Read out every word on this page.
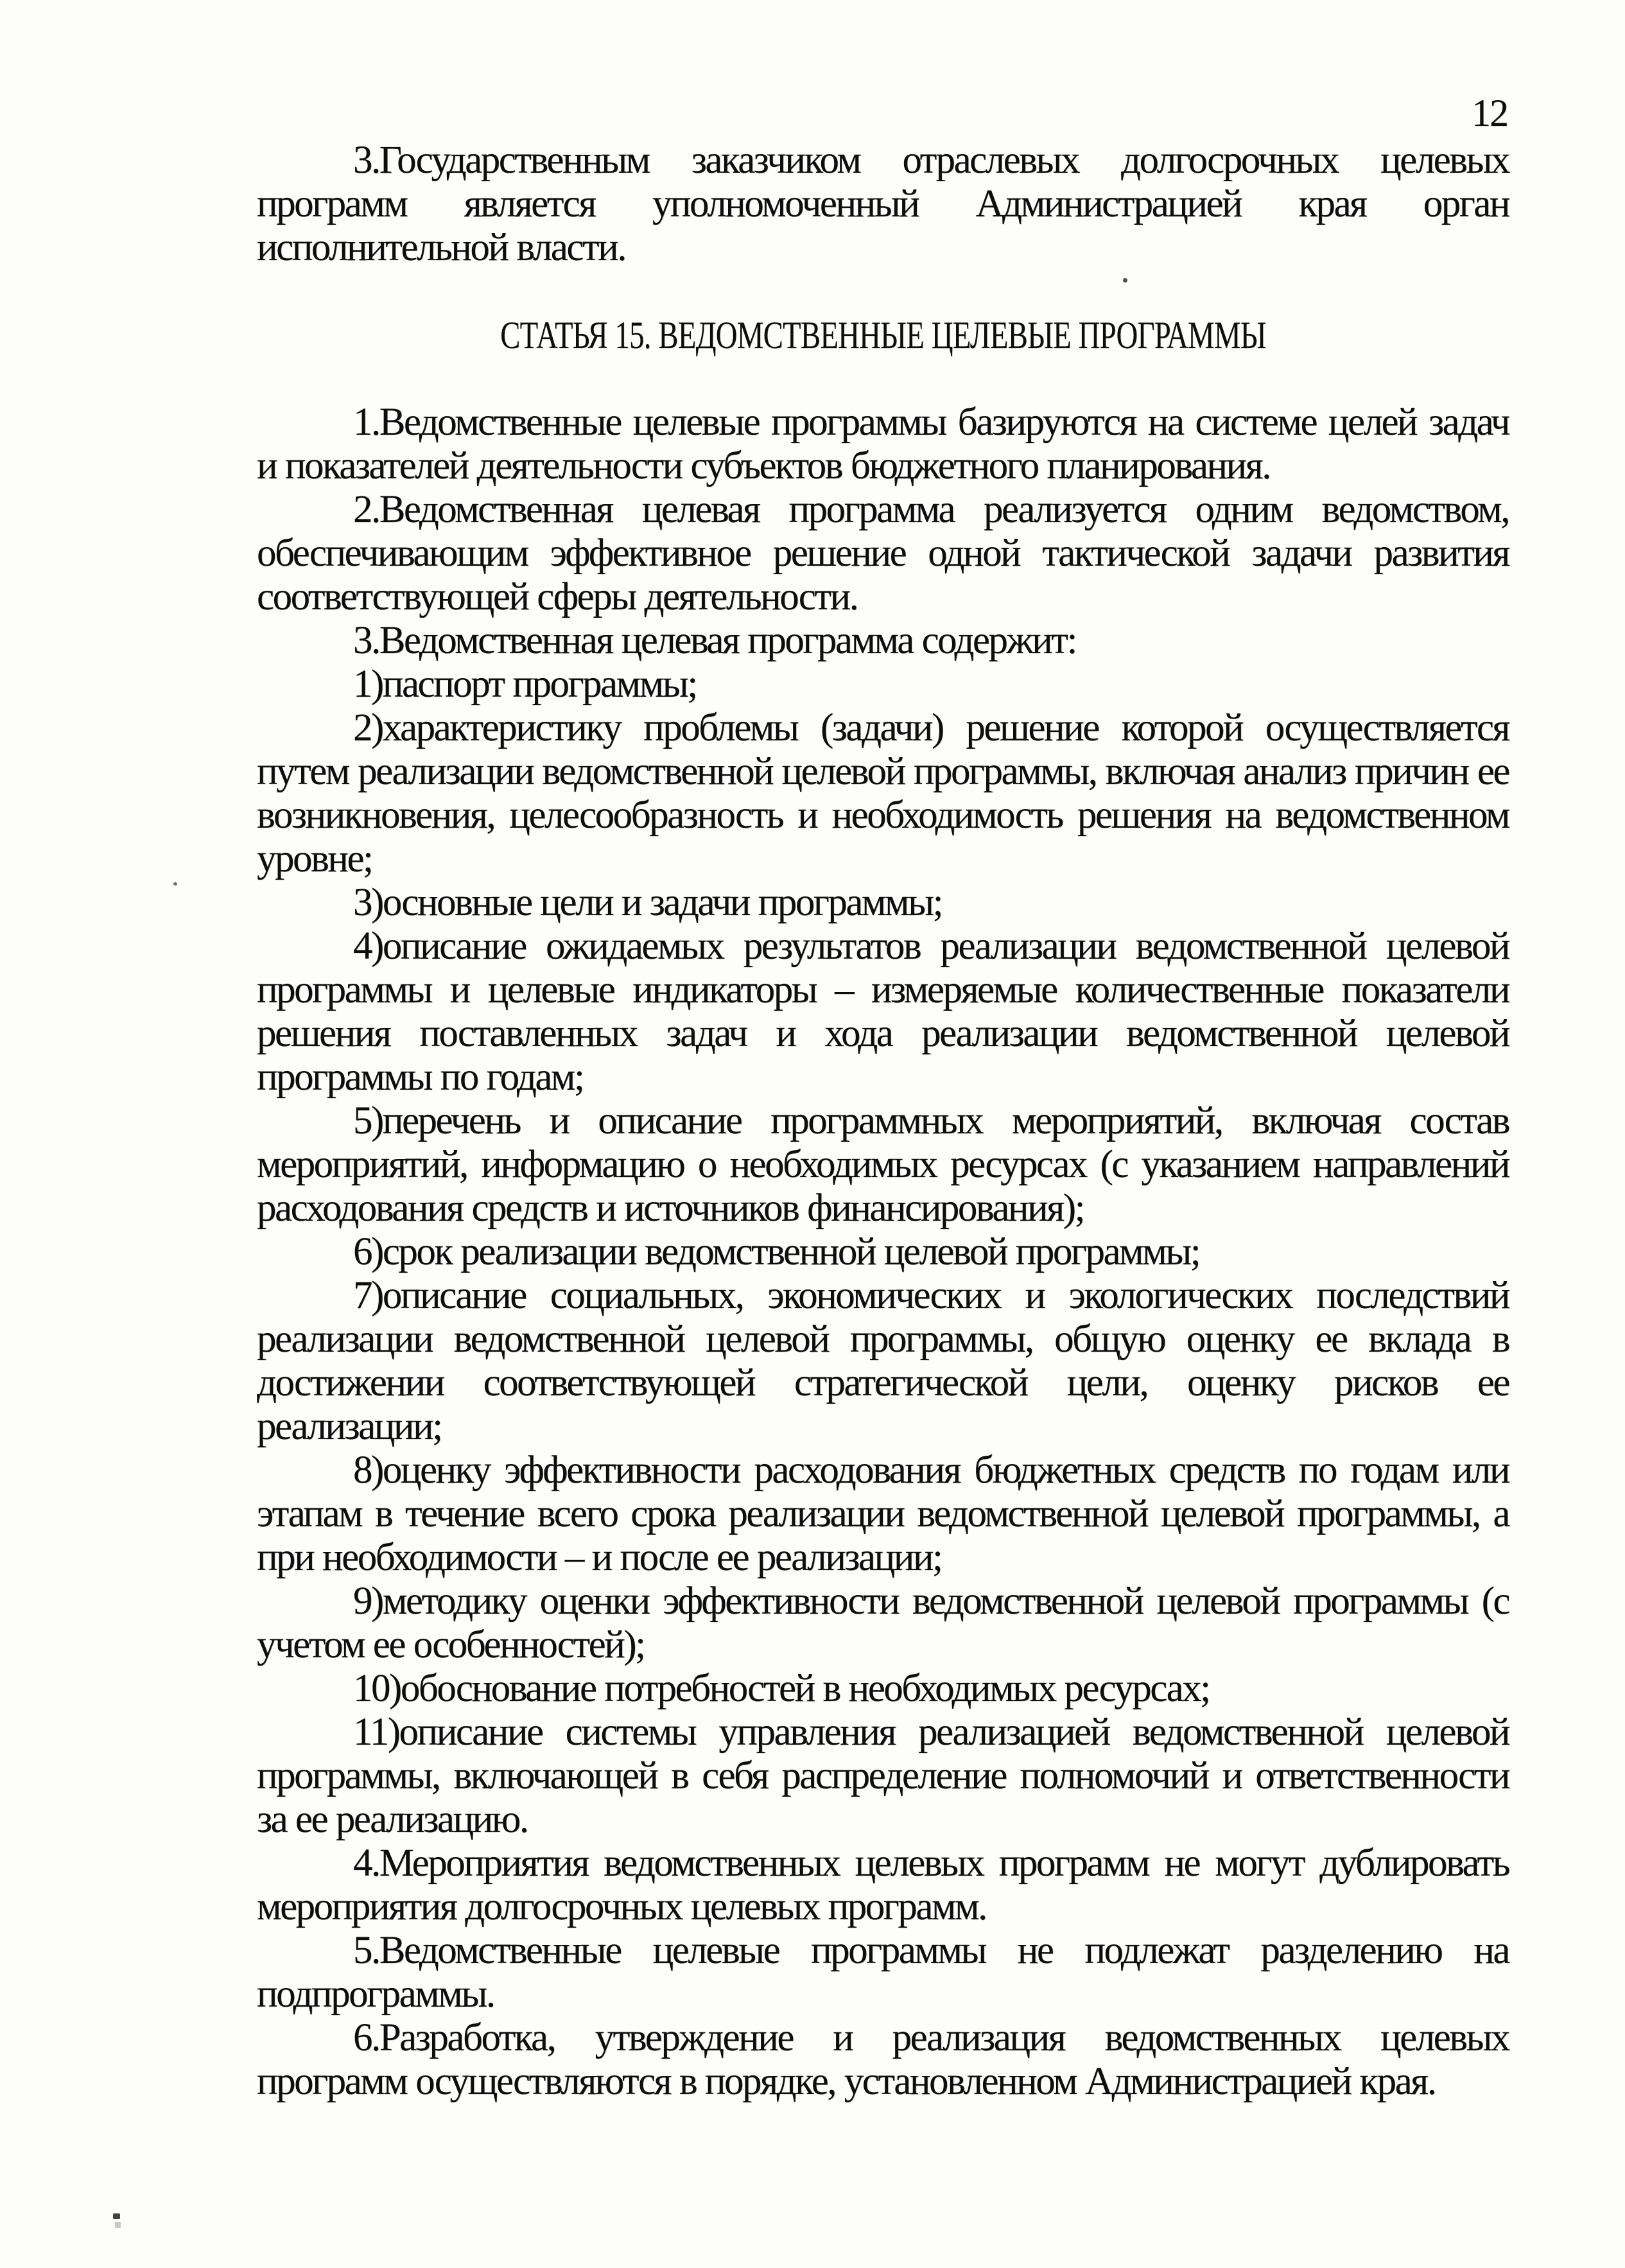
12

3.Государственным заказчиком отраслевых долгосрочных целевых программ является уполномоченный Администрацией края орган исполнительной власти.

СТАТЬЯ 15. ВЕДОМСТВЕННЫЕ ЦЕЛЕВЫЕ ПРОГРАММЫ

1.Ведомственные целевые программы базируются на системе целей задач и показателей деятельности субъектов бюджетного планирования.

2.Ведомственная целевая программа реализуется одним ведомством, обеспечивающим эффективное решение одной тактической задачи развития соответствующей сферы деятельности.

3.Ведомственная целевая программа содержит:

1)паспорт программы;

2)характеристику проблемы (задачи) решение которой осуществляется путем реализации ведомственной целевой программы, включая анализ причин ее возникновения, целесообразность и необходимость решения на ведомственном уровне;

3)основные цели и задачи программы;

4)описание ожидаемых результатов реализации ведомственной целевой программы и целевые индикаторы – измеряемые количественные показатели решения поставленных задач и хода реализации ведомственной целевой программы по годам;

5)перечень и описание программных мероприятий, включая состав мероприятий, информацию о необходимых ресурсах (с указанием направлений расходования средств и источников финансирования);

6)срок реализации ведомственной целевой программы;

7)описание социальных, экономических и экологических последствий реализации ведомственной целевой программы, общую оценку ее вклада в достижении соответствующей стратегической цели, оценку рисков ее реализации;

8)оценку эффективности расходования бюджетных средств по годам или этапам в течение всего срока реализации ведомственной целевой программы, а при необходимости – и после ее реализации;

9)методику оценки эффективности ведомственной целевой программы (с учетом ее особенностей);

10)обоснование потребностей в необходимых ресурсах;

11)описание системы управления реализацией ведомственной целевой программы, включающей в себя распределение полномочий и ответственности за ее реализацию.

4.Мероприятия ведомственных целевых программ не могут дублировать мероприятия долгосрочных целевых программ.

5.Ведомственные целевые программы не подлежат разделению на подпрограммы.

6.Разработка, утверждение и реализация ведомственных целевых программ осуществляются в порядке, установленном Администрацией края.
